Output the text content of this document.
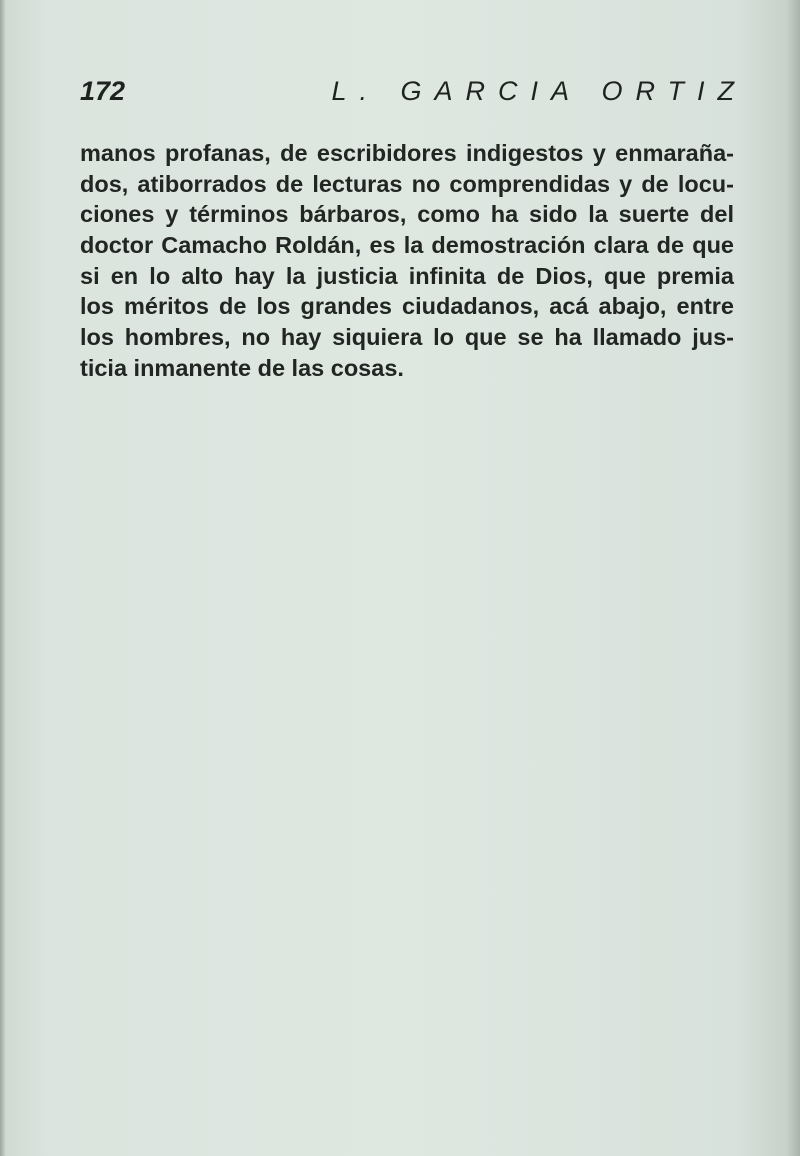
172	L. GARCIA ORTIZ
manos profanas, de escribidores indigestos y enmaraña-
dos, atiborrados de lecturas no comprendidas y de locu-
ciones y términos bárbaros, como ha sido la suerte del
doctor Camacho Roldán, es la demostración clara de que
si en lo alto hay la justicia infinita de Dios, que premia
los méritos de los grandes ciudadanos, acá abajo, entre
los hombres, no hay siquiera lo que se ha llamado jus-
ticia inmanente de las cosas.
